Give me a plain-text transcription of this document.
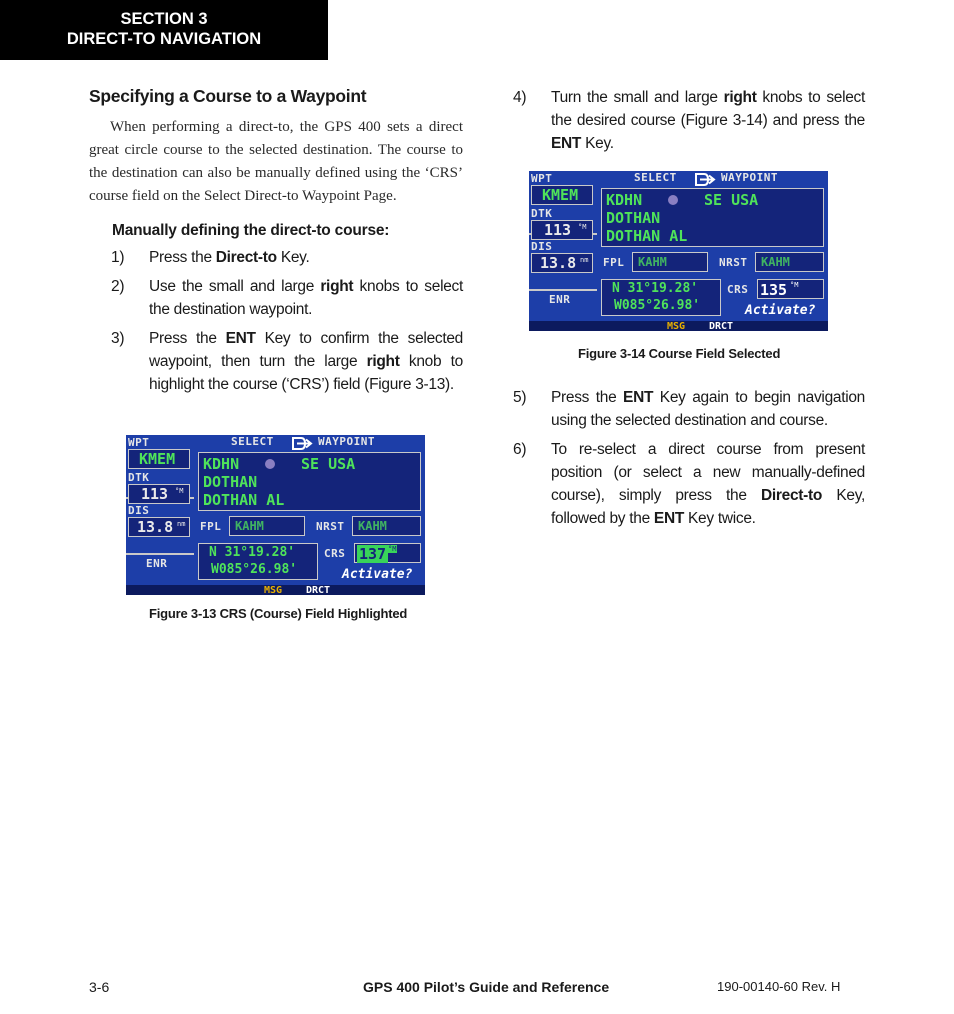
SECTION 3
DIRECT-TO NAVIGATION
Specifying a Course to a Waypoint

When performing a direct-to, the GPS 400 sets a direct great circle course to the selected destination. The course to the destination can also be manually defined using the ‘CRS’ course field on the Select Direct-to Waypoint Page.

Manually defining the direct-to course:
1) Press the Direct-to Key.
2) Use the small and large right knobs to select the destination waypoint.
3) Press the ENT Key to confirm the selected waypoint, then turn the large right knob to highlight the course (‘CRS’) field (Figure 3-13).
WPT
KMEM
DTK
113 °M
DIS
13.8 nm
ENR
SELECT	WAYPOINT
KDHN	SE USA
DOTHAN
DOTHAN AL
FPL KAHM	NRST KAHM
N 31°19.28'
W085°26.98'
CRS 137 °M
Activate?
MSG DRCT
Figure 3-13 CRS (Course) Field Highlighted
4) Turn the small and large right knobs to select the desired course (Figure 3-14) and press the ENT Key.
WPT
KMEM
DTK
113 °M
DIS
13.8 nm
ENR
SELECT	WAYPOINT
KDHN	SE USA
DOTHAN
DOTHAN AL
FPL KAHM	NRST KAHM
N 31°19.28'
W085°26.98'
CRS 135 °M
Activate?
MSG DRCT
Figure 3-14 Course Field Selected
5) Press the ENT Key again to begin navigation using the selected destination and course.
6) To re-select a direct course from present position (or select a new manually-defined course), simply press the Direct-to Key, followed by the ENT Key twice.
3-6	GPS 400 Pilot’s Guide and Reference	190-00140-60 Rev. H
